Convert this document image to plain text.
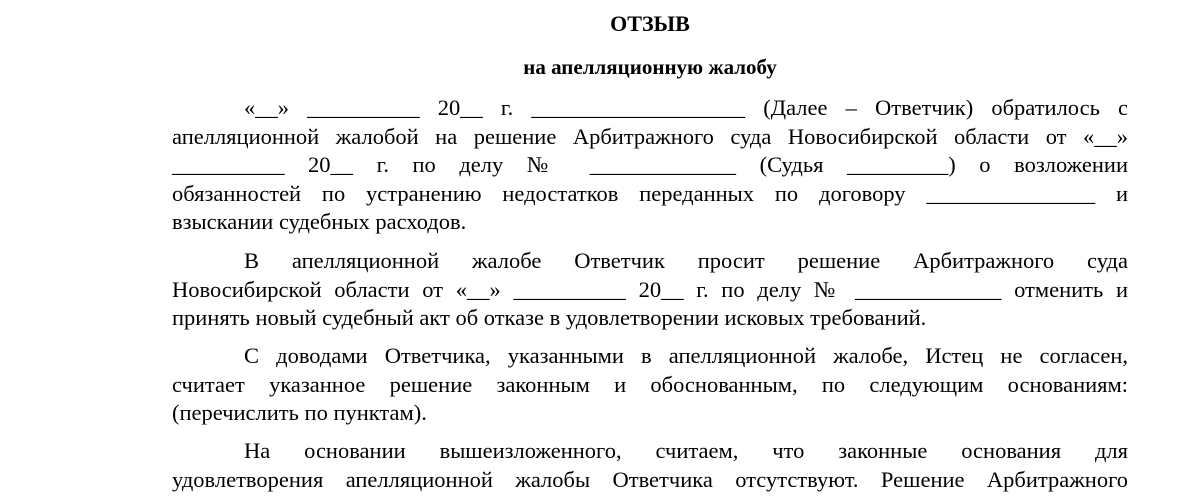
ОТЗЫВ
на апелляционную жалобу

«__» __________ 20__ г. ___________________ (Далее – Ответчик) обратилось с
апелляционной жалобой на решение Арбитражного суда Новосибирской области от «__»
__________ 20__ г. по делу № _____________ (Судья _________) о возложении
обязанностей по устранению недостатков переданных по договору _______________ и
взыскании судебных расходов.

В апелляционной жалобе Ответчик просит решение Арбитражного суда
Новосибирской области от «__» __________ 20__ г. по делу № _____________ отменить и
принять новый судебный акт об отказе в удовлетворении исковых требований.

С доводами Ответчика, указанными в апелляционной жалобе, Истец не согласен,
считает указанное решение законным и обоснованным, по следующим основаниям:
(перечислить по пунктам).

На основании вышеизложенного, считаем, что законные основания для
удовлетворения апелляционной жалобы Ответчика отсутствуют. Решение Арбитражного
